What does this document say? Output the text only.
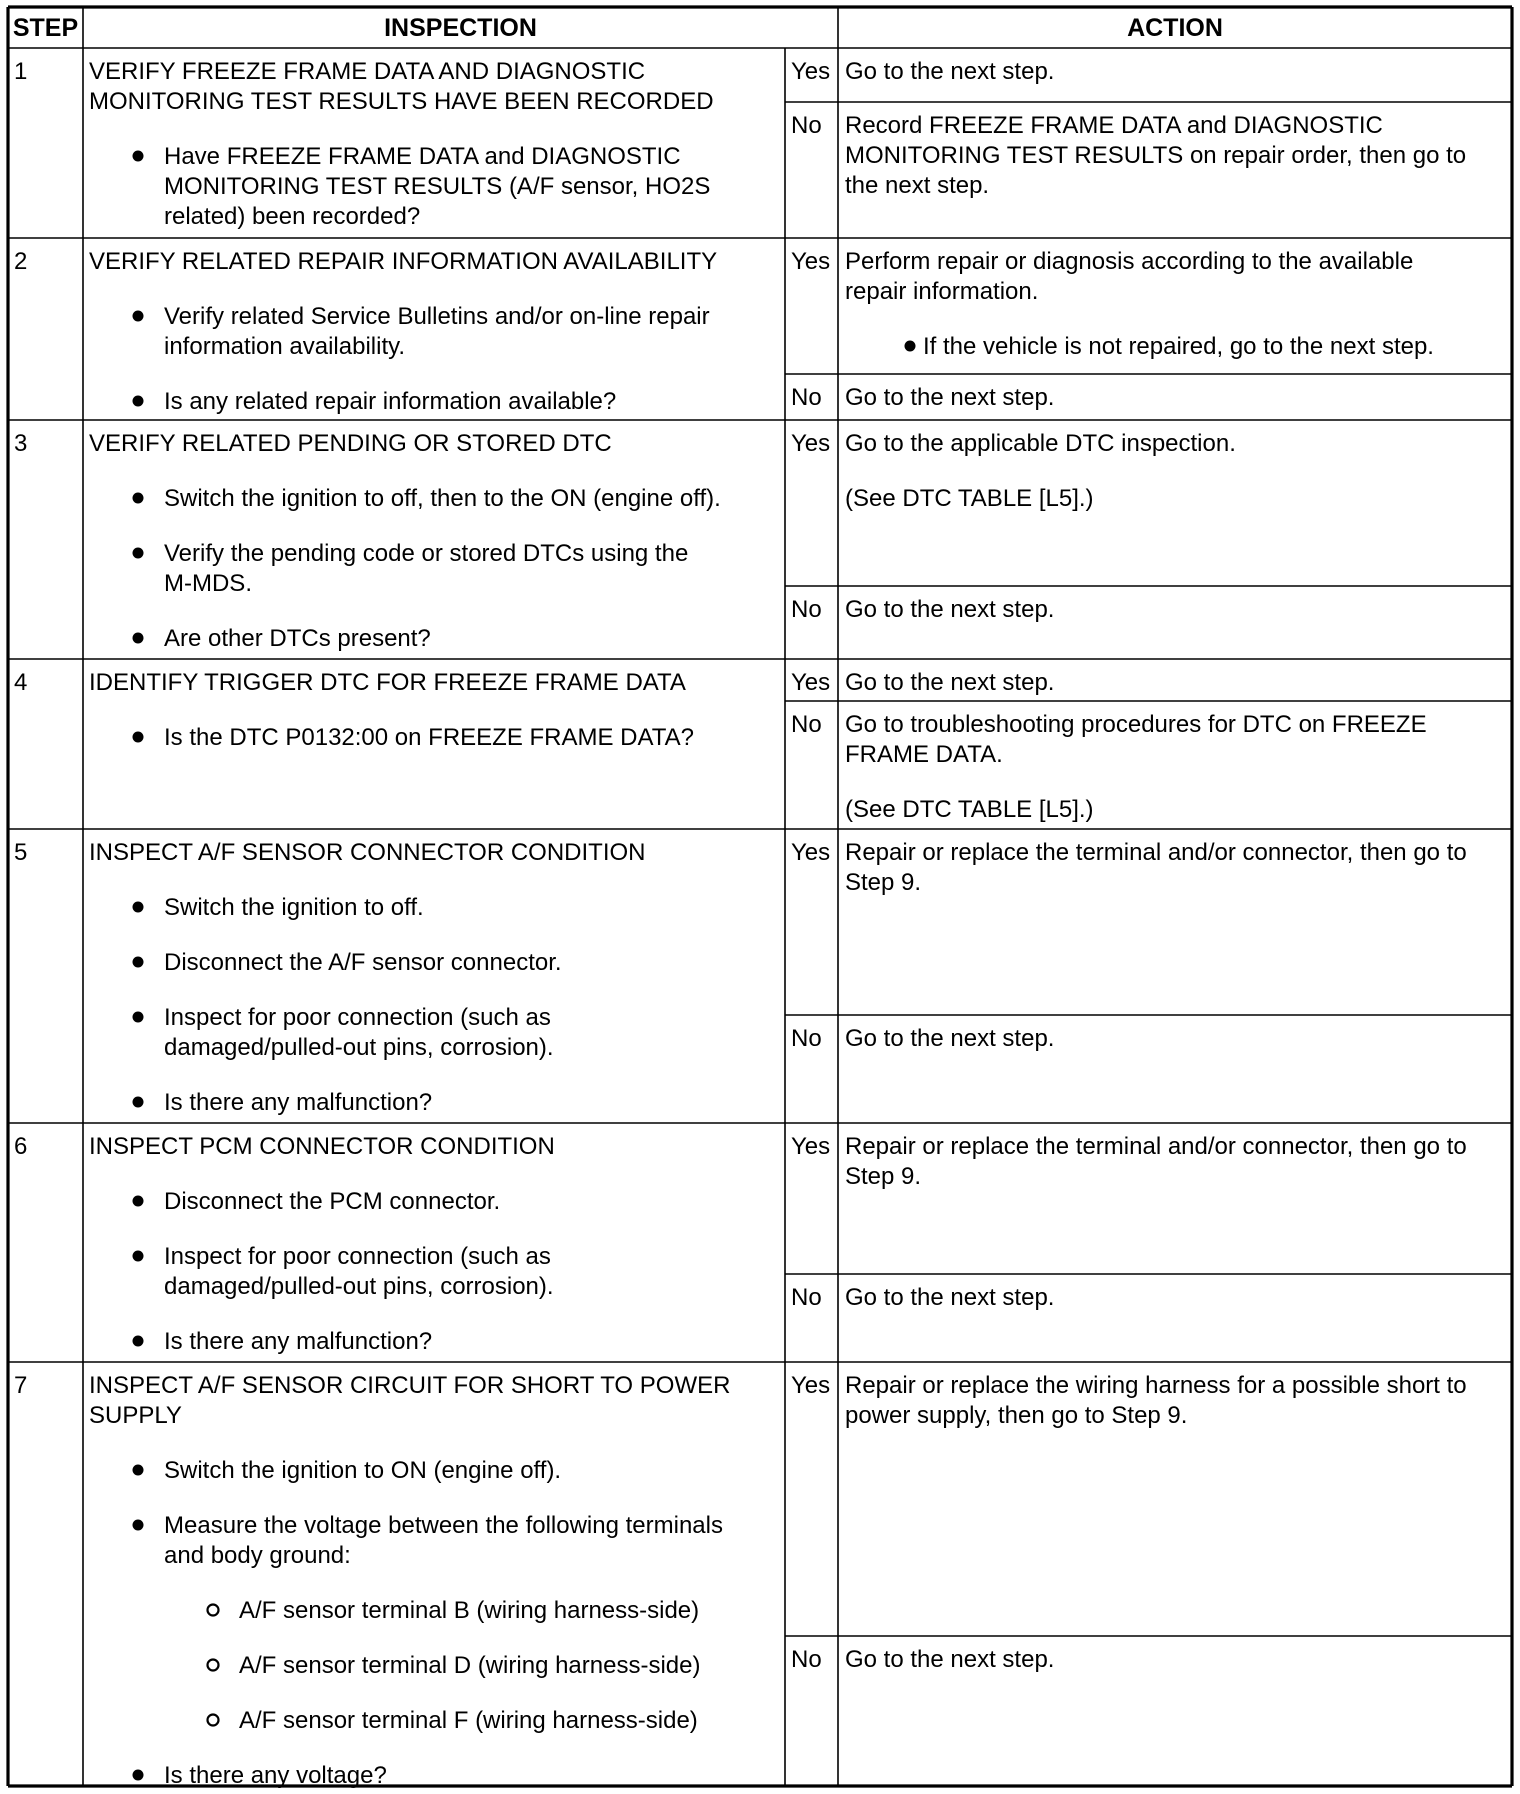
STEP	INSPECTION	ACTION
1	VERIFY FREEZE FRAME DATA AND DIAGNOSTIC
MONITORING TEST RESULTS HAVE BEEN RECORDED
Have FREEZE FRAME DATA and DIAGNOSTIC
MONITORING TEST RESULTS (A/F sensor, HO2S
related) been recorded?
Yes Go to the next step.
No Record FREEZE FRAME DATA and DIAGNOSTIC
MONITORING TEST RESULTS on repair order, then go to
the next step.
2	VERIFY RELATED REPAIR INFORMATION AVAILABILITY
Verify related Service Bulletins and/or on-line repair
information availability.
Is any related repair information available?
Yes Perform repair or diagnosis according to the available
repair information.
If the vehicle is not repaired, go to the next step.
No Go to the next step.
3	VERIFY RELATED PENDING OR STORED DTC
Switch the ignition to off, then to the ON (engine off).
Verify the pending code or stored DTCs using the
M-MDS.
Are other DTCs present?
Yes Go to the applicable DTC inspection.
(See DTC TABLE [L5].)
No Go to the next step.
4	IDENTIFY TRIGGER DTC FOR FREEZE FRAME DATA
Is the DTC P0132:00 on FREEZE FRAME DATA?
Yes Go to the next step.
No Go to troubleshooting procedures for DTC on FREEZE
FRAME DATA.
(See DTC TABLE [L5].)
5	INSPECT A/F SENSOR CONNECTOR CONDITION
Switch the ignition to off.
Disconnect the A/F sensor connector.
Inspect for poor connection (such as
damaged/pulled-out pins, corrosion).
Is there any malfunction?
Yes Repair or replace the terminal and/or connector, then go to
Step 9.
No Go to the next step.
6	INSPECT PCM CONNECTOR CONDITION
Disconnect the PCM connector.
Inspect for poor connection (such as
damaged/pulled-out pins, corrosion).
Is there any malfunction?
Yes Repair or replace the terminal and/or connector, then go to
Step 9.
No Go to the next step.
7	INSPECT A/F SENSOR CIRCUIT FOR SHORT TO POWER
SUPPLY
Switch the ignition to ON (engine off).
Measure the voltage between the following terminals
and body ground:
A/F sensor terminal B (wiring harness-side)
A/F sensor terminal D (wiring harness-side)
A/F sensor terminal F (wiring harness-side)
Is there any voltage?
Yes Repair or replace the wiring harness for a possible short to
power supply, then go to Step 9.
No Go to the next step.
